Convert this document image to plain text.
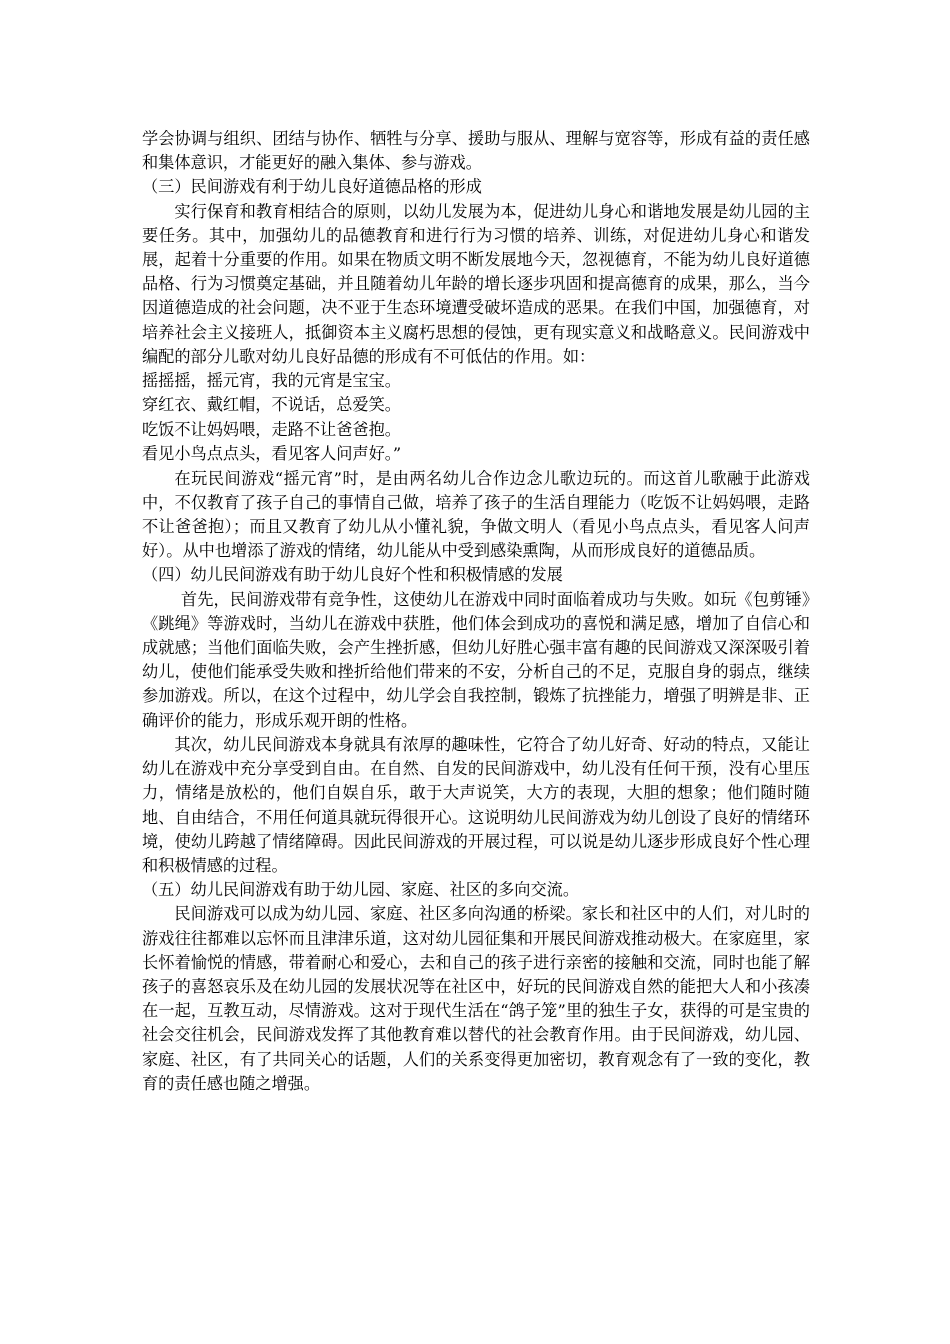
学会协调与组织、团结与协作、牺牲与分享、援助与服从、理解与宽容等，形成有益的责任感和集体意识，才能更好的融入集体、参与游戏。

（三）民间游戏有利于幼儿良好道德品格的形成

实行保育和教育相结合的原则，以幼儿发展为本，促进幼儿身心和谐地发展是幼儿园的主要任务。其中，加强幼儿的品德教育和进行行为习惯的培养、训练，对促进幼儿身心和谐发展，起着十分重要的作用。如果在物质文明不断发展地今天，忽视德育，不能为幼儿良好道德品格、行为习惯奠定基础，并且随着幼儿年龄的增长逐步巩固和提高德育的成果，那么，当今因道德造成的社会问题，决不亚于生态环境遭受破坏造成的恶果。在我们中国，加强德育，对培养社会主义接班人，抵御资本主义腐朽思想的侵蚀，更有现实意义和战略意义。民间游戏中编配的部分儿歌对幼儿良好品德的形成有不可低估的作用。如：

摇摇摇，摇元宵，我的元宵是宝宝。

穿红衣、戴红帽，不说话，总爱笑。

吃饭不让妈妈喂，走路不让爸爸抱。

看见小鸟点点头，看见客人问声好。”

在玩民间游戏“摇元宵”时，是由两名幼儿合作边念儿歌边玩的。而这首儿歌融于此游戏中，不仅教育了孩子自己的事情自己做，培养了孩子的生活自理能力（吃饭不让妈妈喂，走路不让爸爸抱）；而且又教育了幼儿从小懂礼貌，争做文明人（看见小鸟点点头，看见客人问声好）。从中也增添了游戏的情绪，幼儿能从中受到感染熏陶，从而形成良好的道德品质。

（四）幼儿民间游戏有助于幼儿良好个性和积极情感的发展

首先，民间游戏带有竞争性，这使幼儿在游戏中同时面临着成功与失败。如玩《包剪锤》《跳绳》等游戏时，当幼儿在游戏中获胜，他们体会到成功的喜悦和满足感，增加了自信心和成就感；当他们面临失败，会产生挫折感，但幼儿好胜心强丰富有趣的民间游戏又深深吸引着幼儿，使他们能承受失败和挫折给他们带来的不安，分析自己的不足，克服自身的弱点，继续参加游戏。所以，在这个过程中，幼儿学会自我控制，锻炼了抗挫能力，增强了明辨是非、正确评价的能力，形成乐观开朗的性格。

其次，幼儿民间游戏本身就具有浓厚的趣味性，它符合了幼儿好奇、好动的特点，又能让幼儿在游戏中充分享受到自由。在自然、自发的民间游戏中，幼儿没有任何干预，没有心里压力，情绪是放松的，他们自娱自乐，敢于大声说笑，大方的表现，大胆的想象；他们随时随地、自由结合，不用任何道具就玩得很开心。这说明幼儿民间游戏为幼儿创设了良好的情绪环境，使幼儿跨越了情绪障碍。因此民间游戏的开展过程，可以说是幼儿逐步形成良好个性心理和积极情感的过程。

（五）幼儿民间游戏有助于幼儿园、家庭、社区的多向交流。

民间游戏可以成为幼儿园、家庭、社区多向沟通的桥梁。家长和社区中的人们，对儿时的游戏往往都难以忘怀而且津津乐道，这对幼儿园征集和开展民间游戏推动极大。在家庭里，家长怀着愉悦的情感，带着耐心和爱心，去和自己的孩子进行亲密的接触和交流，同时也能了解孩子的喜怒哀乐及在幼儿园的发展状况等在社区中，好玩的民间游戏自然的能把大人和小孩凑在一起，互教互动，尽情游戏。这对于现代生活在“鸽子笼”里的独生子女，获得的可是宝贵的社会交往机会，民间游戏发挥了其他教育难以替代的社会教育作用。由于民间游戏，幼儿园、家庭、社区，有了共同关心的话题，人们的关系变得更加密切，教育观念有了一致的变化，教育的责任感也随之增强。
